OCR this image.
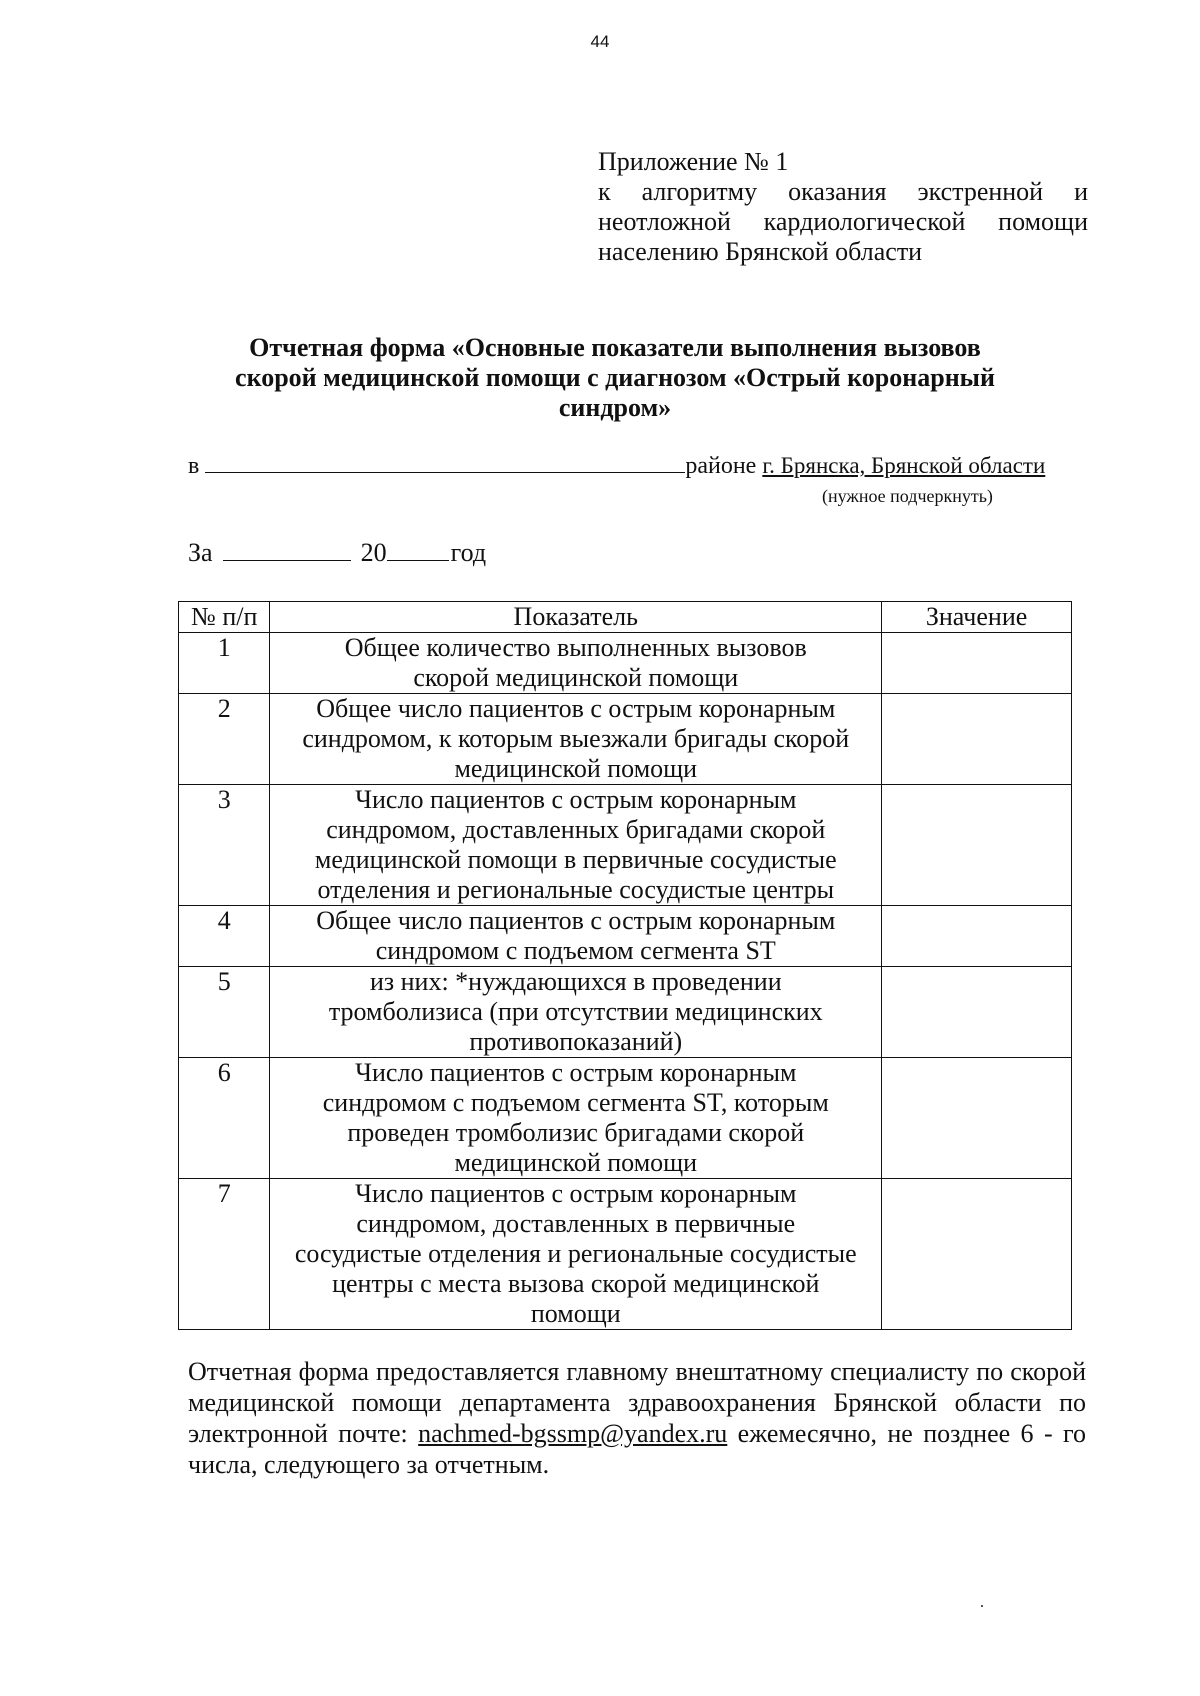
44
Приложение № 1
к алгоритму оказания экстренной и
неотложной кардиологической помощи
населению Брянской области
Отчетная форма «Основные показатели выполнения вызовов
скорой медицинской помощи с диагнозом «Острый коронарный
синдром»
в	районе г. Брянска, Брянской области
(нужное подчеркнуть)
За	20 год
№ п/п	Показатель	Значение
1	Общее количество выполненных вызовов
скорой медицинской помощи	

2	Общее число пациентов с острым коронарным
синдромом, к которым выезжали бригады скорой
медицинской помощи	

3	Число пациентов с острым коронарным
синдромом, доставленных бригадами скорой
медицинской помощи в первичные сосудистые
отделения и региональные сосудистые центры	

4	Общее число пациентов с острым коронарным
синдромом с подъемом сегмента ST	

5	из них: *нуждающихся в проведении
тромболизиса (при отсутствии медицинских
противопоказаний)	

6	Число пациентов с острым коронарным
синдромом с подъемом сегмента ST, которым
проведен тромболизис бригадами скорой
медицинской помощи	

7	Число пациентов с острым коронарным
синдромом, доставленных в первичные
сосудистые отделения и региональные сосудистые
центры с места вызова скорой медицинской
помощи	

Отчетная форма предоставляется главному внештатному специалисту по скорой медицинской помощи департамента здравоохранения Брянской области по электронной почте: nachmed-bgssmp@yandex.ru ежемесячно, не позднее 6 - го числа, следующего за отчетным.
